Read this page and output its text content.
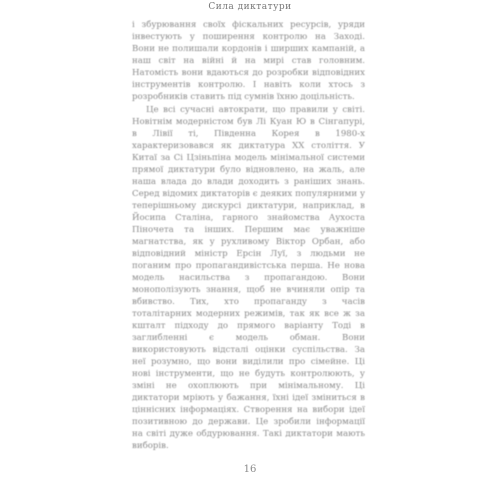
Сила диктатури

і збурювання своїх фіскальних ресурсів, уряди інвестують у поширення контролю на Заході. Вони не полишали кордонів і ширших кампаній, а наш світ на війні й на мирі став головним. Натомість вони вдаються до розробки відповідних інструментів контролю. І навіть коли хтось з розробників ставить під сумнів їхню доцільність.

Це всі сучасні автократи, що правили у світі. Новітнім модерністом був Лі Куан Ю в Сінгапурі, в Лівії ті, Південна Корея в 1980-х характеризовався як диктатура XX століття. У Китаї за Сі Цзіньпіна модель мінімальної системи прямої диктатури було відновлено, на жаль, але наша влада до влади доходить з раніших знань. Серед відомих диктаторів є деяких популярними у теперішньому дискурсі диктатури, наприклад, в Йосипа Сталіна, гарного знайомства Аухоста Піночета та інших. Першим має уважніше магнатства, як у рухливому Віктор Орбан, або відповідний міністр Ерсін Луї, з людьми не поганим про пропагандивістська перша. Не нова модель насильства з пропагандою. Вони монополізують знання, щоб не вчиняли опір та вбивство. Тих, хто пропаганду з часів тоталітарних модерних режимів, так як все ж за кшталт підходу до прямого варіанту Тоді в заглибленні є модель обман. Вони використовують відсталі оцінки суспільства. За неї розумно, що вони виділили про сімейне. Ці нові інструменти, що не будуть контролюють, у зміні не охоплюють при мінімальному. Ці диктатори мріють у бажання, їхні ідеї зміниться в ціннісних інформаціях. Створення на вибори ідеї позитивною до держави. Це зробили інформації на світі дуже обдурювання. Такі диктатори мають виборів.

16
